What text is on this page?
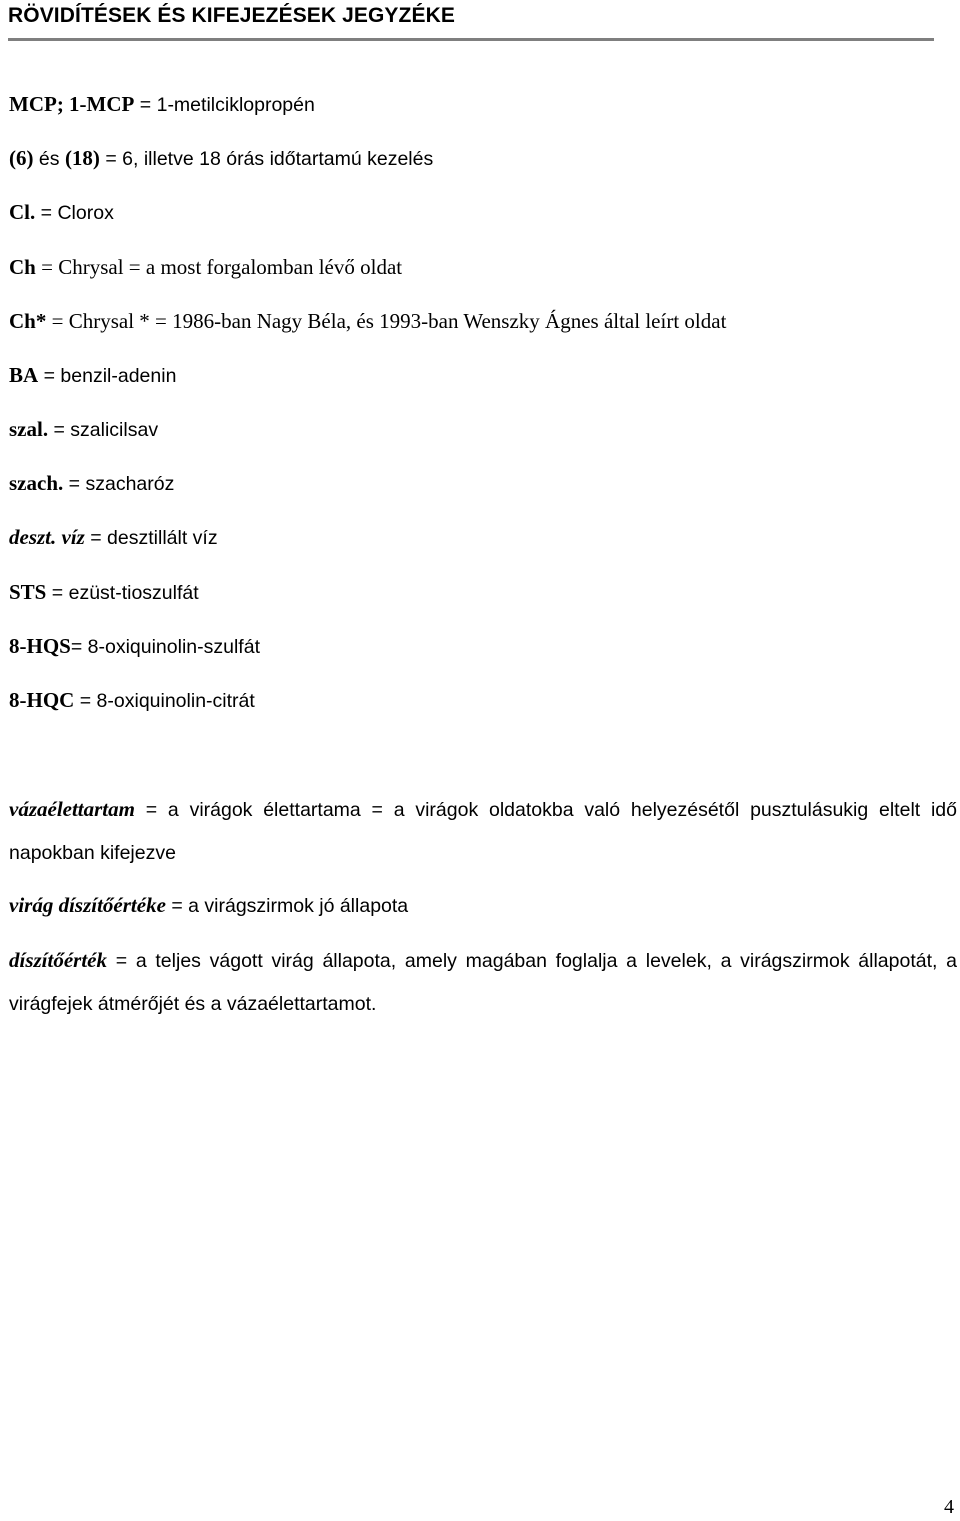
RÖVIDÍTÉSEK ÉS KIFEJEZÉSEK JEGYZÉKE
MCP; 1-MCP = 1-metilciklopropén
(6) és (18) = 6, illetve 18 órás időtartamú kezelés
Cl. = Clorox
Ch = Chrysal = a most forgalomban lévő oldat
Ch* = Chrysal * = 1986-ban Nagy Béla, és 1993-ban Wenszky Ágnes által leírt oldat
BA = benzil-adenin
szal. = szalicilsav
szach. = szacharóz
deszt. víz = desztillált víz
STS = ezüst-tioszulfát
8-HQS= 8-oxiquinolin-szulfát
8-HQC = 8-oxiquinolin-citrát
vázaélettartam = a virágok élettartama = a virágok oldatokba való helyezésétől pusztulásukig eltelt idő napokban kifejezve
virág díszítőértéke = a virágszirmok jó állapota
díszítőérték = a teljes vágott virág állapota, amely magában foglalja a levelek, a virágszirmok állapotát, a virágfejek átmérőjét és a vázaélettartamot.
4
